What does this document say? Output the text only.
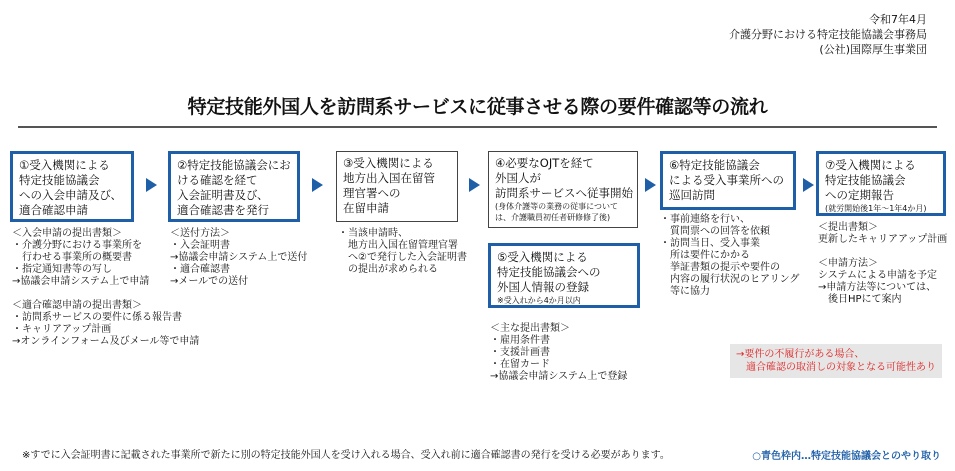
令和7年4月
介護分野における特定技能協議会事務局
(公社)国際厚生事業団
特定技能外国人を訪問系サービスに従事させる際の要件確認等の流れ
①受入機関による
特定技能協議会
への入会申請及び、
適合確認申請
②特定技能協議会にお
ける確認を経て
入会証明書及び、
適合確認書を発行
③受入機関による
地方出入国在留管
理官署への
在留申請
④必要なOJTを経て
外国人が
訪問系サービスへ従事開始
(身体介護等の業務の従事については、介護職員初任者研修修了後)
⑤受入機関による
特定技能協議会への
外国人情報の登録
※受入れから4か月以内
⑥特定技能協議会
による受入事業所への
巡回訪問
⑦受入機関による
特定技能協議会
への定期報告
(就労開始後1年～1年4か月)
＜入会申請の提出書類＞
・介護分野における事業所を
　行わせる事業所の概要書
・指定通知書等の写し
→協議会申請システム上で申請

＜適合確認申請の提出書類＞
・訪問系サービスの要件に係る報告書
・キャリアアップ計画
→オンラインフォーム及びメール等で申請
＜送付方法＞
・入会証明書
→協議会申請システム上で送付
・適合確認書
→メールでの送付
・当該申請時、
　地方出入国在留管理官署
　へ②で発行した入会証明書
　の提出が求められる
＜主な提出書類＞
・雇用条件書
・支援計画書
・在留カード
→協議会申請システム上で登録
・事前連絡を行い、
　質問票への回答を依頼
・訪問当日、受入事業
　所は要件にかかる
　挙証書類の提示や要件の
　内容の履行状況のヒアリング
　等に協力
＜提出書類＞
更新したキャリアアップ計画

＜申請方法＞
システムによる申請を予定
→申請方法等については、
　後日HPにて案内
→要件の不履行がある場合、
　適合確認の取消しの対象となる可能性あり
※すでに入会証明書に記載された事業所で新たに別の特定技能外国人を受け入れる場合、受入れ前に適合確認書の発行を受ける必要があります。	○青色枠内…特定技能協議会とのやり取り
